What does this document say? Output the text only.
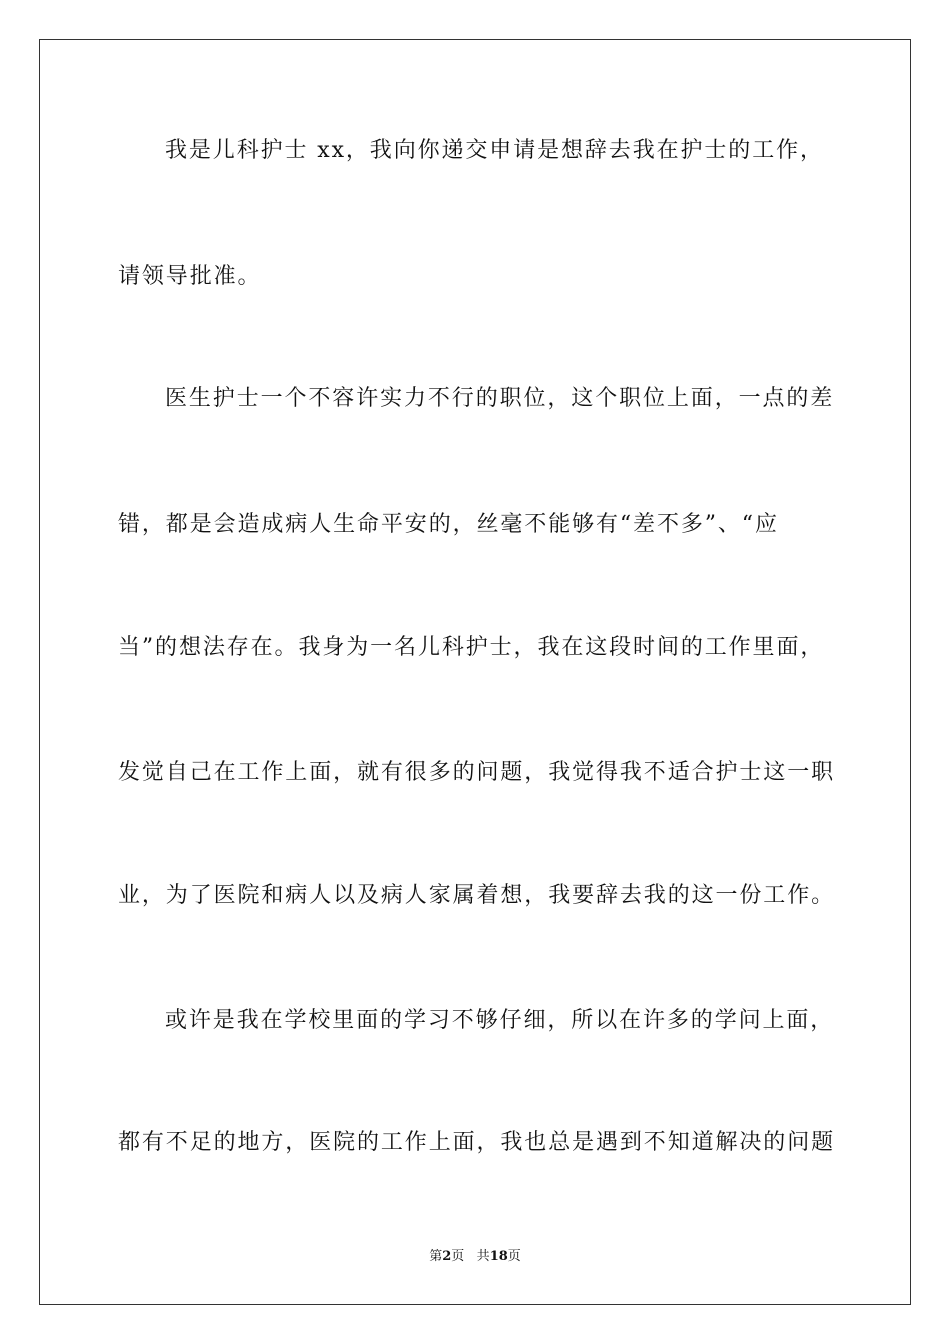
我是儿科护士 xx，我向你递交申请是想辞去我在护士的工作，
请领导批准。
医生护士一个不容许实力不行的职位，这个职位上面，一点的差
错，都是会造成病人生命平安的，丝毫不能够有“差不多”、“应
当”的想法存在。我身为一名儿科护士，我在这段时间的工作里面，
发觉自己在工作上面，就有很多的问题，我觉得我不适合护士这一职
业，为了医院和病人以及病人家属着想，我要辞去我的这一份工作。
或许是我在学校里面的学习不够仔细，所以在许多的学问上面，
都有不足的地方，医院的工作上面，我也总是遇到不知道解决的问题
第2页 共18页
